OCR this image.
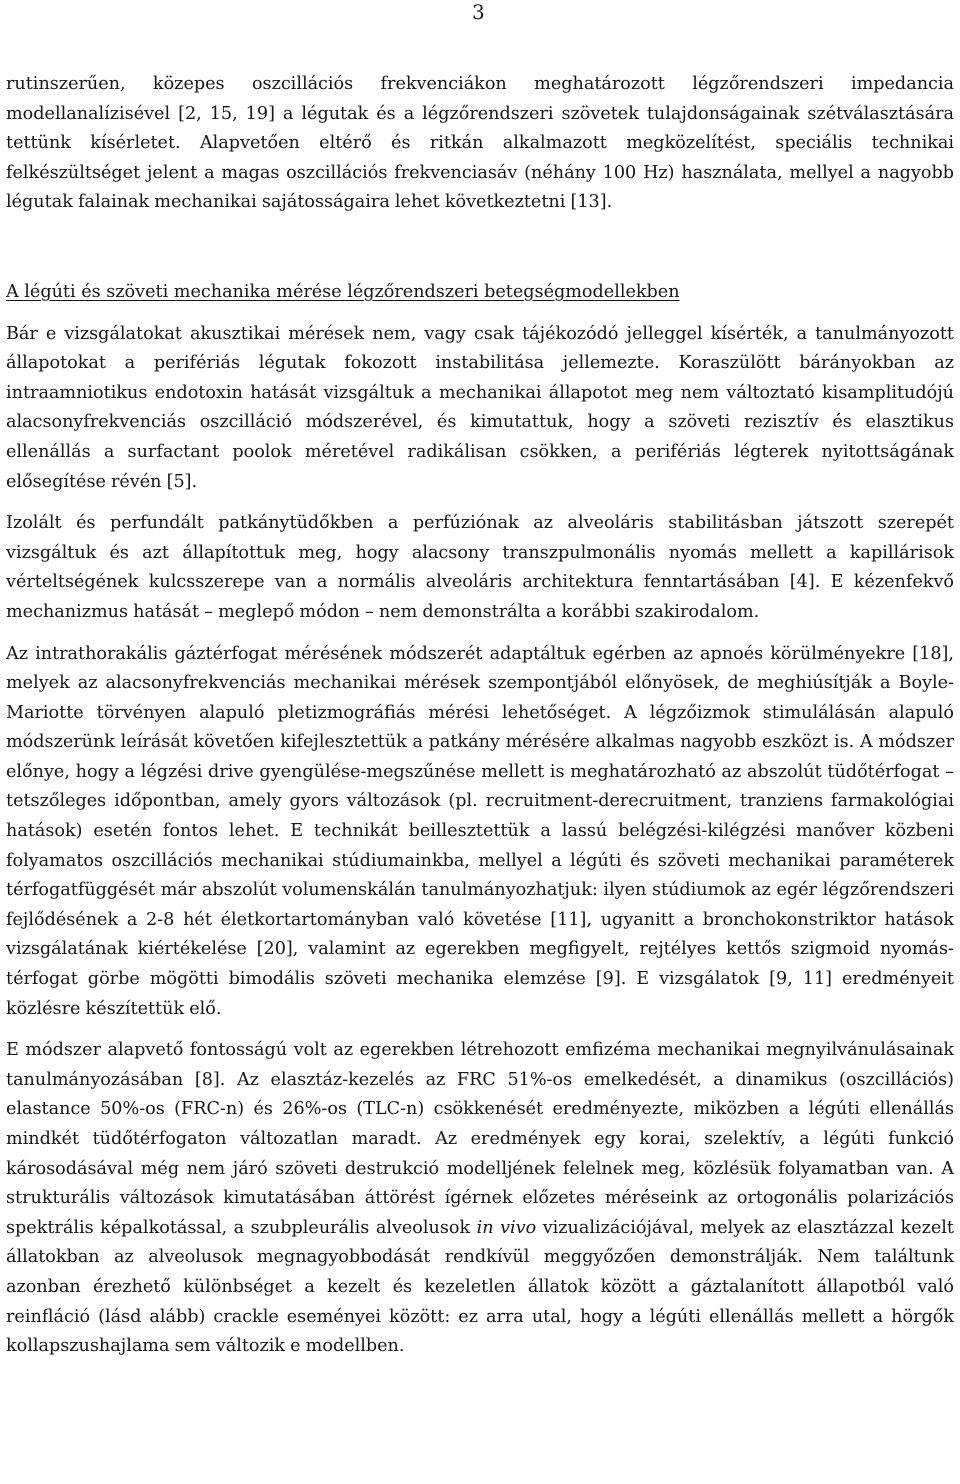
3

rutinszerűen, közepes oszcillációs frekvenciákon meghatározott légzőrendszeri impedancia modellanalízisével [2, 15, 19] a légutak és a légzőrendszeri szövetek tulajdonságainak szétválasztására tettünk kísérletet. Alapvetően eltérő és ritkán alkalmazott megközelítést, speciális technikai felkészültséget jelent a magas oszcillációs frekvenciasáv (néhány 100 Hz) használata, mellyel a nagyobb légutak falainak mechanikai sajátosságaira lehet következtetni [13].

A légúti és szöveti mechanika mérése légzőrendszeri betegségmodellekben

Bár e vizsgálatokat akusztikai mérések nem, vagy csak tájékozódó jelleggel kísérték, a tanulmányozott állapotokat a perifériás légutak fokozott instabilitása jellemezte. Koraszülött bárányokban az intraamniotikus endotoxin hatását vizsgáltuk a mechanikai állapotot meg nem változtató kisamplitudójú alacsonyfrekvenciás oszcilláció módszerével, és kimutattuk, hogy a szöveti rezisztív és elasztikus ellenállás a surfactant poolok méretével radikálisan csökken, a perifériás légterek nyitottságának elősegítése révén [5].

Izolált és perfundált patkánytüdőkben a perfúziónak az alveoláris stabilitásban játszott szerepét vizsgáltuk és azt állapítottuk meg, hogy alacsony transzpulmonális nyomás mellett a kapillárisok vérteltségének kulcsszerepe van a normális alveoláris architektura fenntartásában [4]. E kézenfekvő mechanizmus hatását – meglepő módon – nem demonstrálta a korábbi szakirodalom.

Az intrathorakális gáztérfogat mérésének módszerét adaptáltuk egérben az apnoés körülményekre [18], melyek az alacsonyfrekvenciás mechanikai mérések szempontjából előnyösek, de meghiúsítják a Boyle-Mariotte törvényen alapuló pletizmográfiás mérési lehetőséget. A légzőizmok stimulálásán alapuló módszerünk leírását követően kifejlesztettük a patkány mérésére alkalmas nagyobb eszközt is. A módszer előnye, hogy a légzési drive gyengülése-megszűnése mellett is meghatározható az abszolút tüdőtérfogat – tetszőleges időpontban, amely gyors változások (pl. recruitment-derecruitment, tranziens farmakológiai hatások) esetén fontos lehet. E technikát beillesztettük a lassú belégzési-kilégzési manőver közbeni folyamatos oszcillációs mechanikai stúdiumainkba, mellyel a légúti és szöveti mechanikai paraméterek térfogatfüggését már abszolút volumenskálán tanulmányozhatjuk: ilyen stúdiumok az egér légzőrendszeri fejlődésének a 2-8 hét életkortartományban való követése [11], ugyanitt a bronchokonstriktor hatások vizsgálatának kiértékelése [20], valamint az egerekben megfigyelt, rejtélyes kettős szigmoid nyomás-térfogat görbe mögötti bimodális szöveti mechanika elemzése [9]. E vizsgálatok [9, 11] eredményeit közlésre készítettük elő.

E módszer alapvető fontosságú volt az egerekben létrehozott emfizéma mechanikai megnyilvánulásainak tanulmányozásában [8]. Az elasztáz-kezelés az FRC 51%-os emelkedését, a dinamikus (oszcillációs) elastance 50%-os (FRC-n) és 26%-os (TLC-n) csökkenését eredményezte, miközben a légúti ellenállás mindkét tüdőtérfogaton változatlan maradt. Az eredmények egy korai, szelektív, a légúti funkció károsodásával még nem járó szöveti destrukció modelljének felelnek meg, közlésük folyamatban van. A strukturális változások kimutatásában áttörést ígérnek előzetes méréseink az ortogonális polarizációs spektrális képalkotással, a szubpleurális alveolusok in vivo vizualizációjával, melyek az elasztázzal kezelt állatokban az alveolusok megnagyobbodását rendkívül meggyőzően demonstrálják. Nem találtunk azonban érezhető különbséget a kezelt és kezeletlen állatok között a gáztalanított állapotból való reinfláció (lásd alább) crackle eseményei között: ez arra utal, hogy a légúti ellenállás mellett a hörgők kollapszushajlama sem változik e modellben.
